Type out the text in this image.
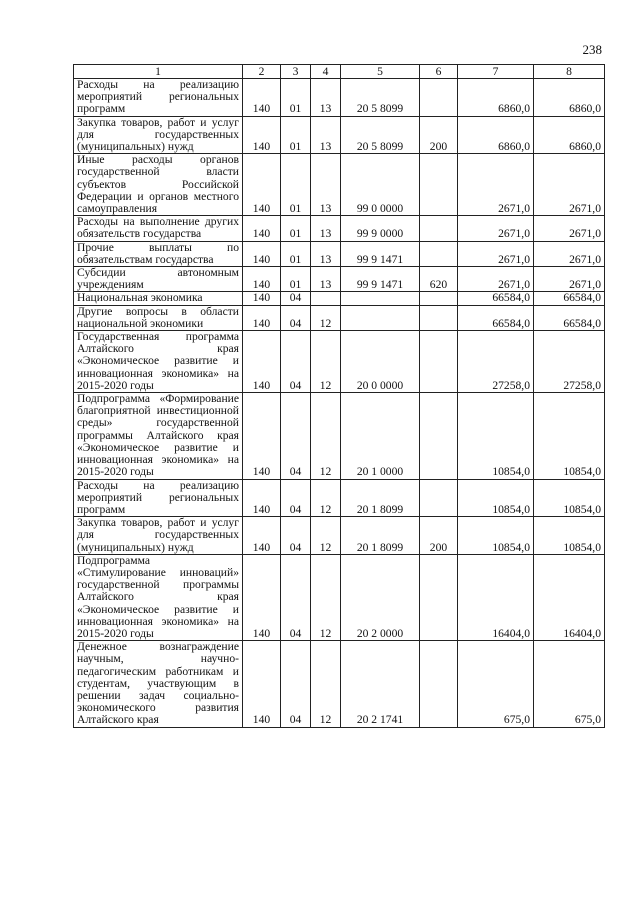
238
1	2	3	4	5	6	7	8
Расходы на реализацию мероприятий региональных программ	140	01	13	20 5 8099		6860,0	6860,0
Закупка товаров, работ и услуг для государственных (муниципальных) нужд	140	01	13	20 5 8099	200	6860,0	6860,0
Иные расходы органов государственной власти субъектов Российской Федерации и органов местного самоуправления	140	01	13	99 0 0000		2671,0	2671,0
Расходы на выполнение других обязательств государства	140	01	13	99 9 0000		2671,0	2671,0
Прочие выплаты по обязательствам государства	140	01	13	99 9 1471		2671,0	2671,0
Субсидии автономным учреждениям	140	01	13	99 9 1471	620	2671,0	2671,0
Национальная экономика	140	04				66584,0	66584,0
Другие вопросы в области национальной экономики	140	04	12			66584,0	66584,0
Государственная программа Алтайского края «Экономическое развитие и инновационная экономика» на 2015-2020 годы	140	04	12	20 0 0000		27258,0	27258,0
Подпрограмма «Формирование благоприятной инвестиционной среды» государственной программы Алтайского края «Экономическое развитие и инновационная экономика» на 2015-2020 годы	140	04	12	20 1 0000		10854,0	10854,0
Расходы на реализацию мероприятий региональных программ	140	04	12	20 1 8099		10854,0	10854,0
Закупка товаров, работ и услуг для государственных (муниципальных) нужд	140	04	12	20 1 8099	200	10854,0	10854,0
Подпрограмма «Стимулирование инноваций» государственной программы Алтайского края «Экономическое развитие и инновационная экономика» на 2015-2020 годы	140	04	12	20 2 0000		16404,0	16404,0
Денежное вознаграждение научным, научно-педагогическим работникам и студентам, участвующим в решении задач социально-экономического развития Алтайского края	140	04	12	20 2 1741		675,0	675,0
